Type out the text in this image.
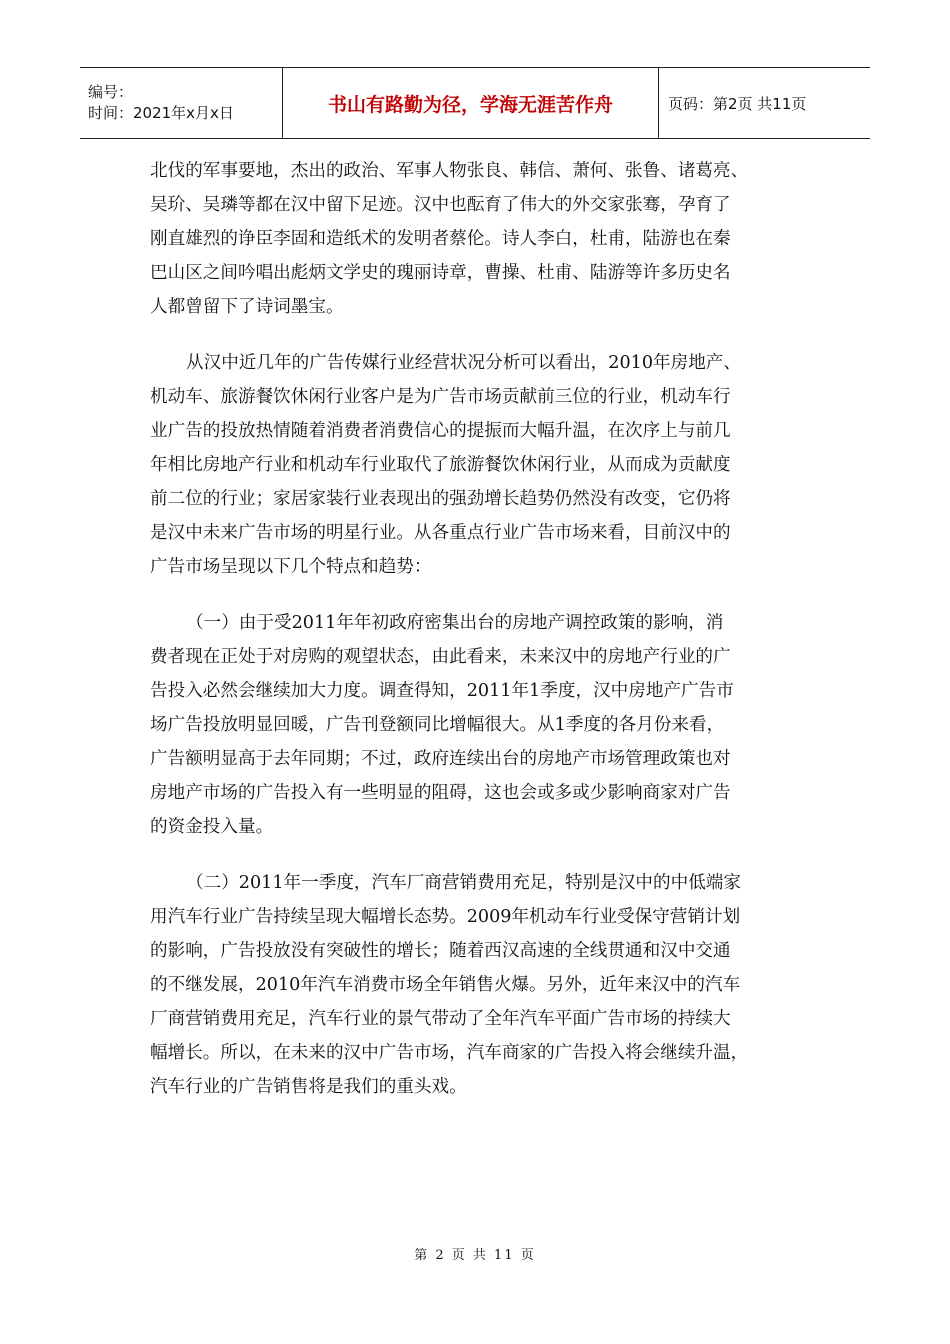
编号：
时间：2021年x月x日	书山有路勤为径，学海无涯苦作舟	页码：第2页 共11页

北伐的军事要地，杰出的政治、军事人物张良、韩信、萧何、张鲁、诸葛亮、
吴玠、吴璘等都在汉中留下足迹。汉中也酝育了伟大的外交家张骞，孕育了
刚直雄烈的诤臣李固和造纸术的发明者蔡伦。诗人李白，杜甫，陆游也在秦
巴山区之间吟唱出彪炳文学史的瑰丽诗章，曹操、杜甫、陆游等许多历史名
人都曾留下了诗词墨宝。

从汉中近几年的广告传媒行业经营状况分析可以看出，2010年房地产、
机动车、旅游餐饮休闲行业客户是为广告市场贡献前三位的行业，机动车行
业广告的投放热情随着消费者消费信心的提振而大幅升温，在次序上与前几
年相比房地产行业和机动车行业取代了旅游餐饮休闲行业，从而成为贡献度
前二位的行业；家居家装行业表现出的强劲增长趋势仍然没有改变，它仍将
是汉中未来广告市场的明星行业。从各重点行业广告市场来看，目前汉中的
广告市场呈现以下几个特点和趋势：

（一）由于受2011年年初政府密集出台的房地产调控政策的影响，消
费者现在正处于对房购的观望状态，由此看来，未来汉中的房地产行业的广
告投入必然会继续加大力度。调查得知，2011年1季度，汉中房地产广告市
场广告投放明显回暖，广告刊登额同比增幅很大。从1季度的各月份来看，
广告额明显高于去年同期；不过，政府连续出台的房地产市场管理政策也对
房地产市场的广告投入有一些明显的阻碍，这也会或多或少影响商家对广告
的资金投入量。

（二）2011年一季度，汽车厂商营销费用充足，特别是汉中的中低端家
用汽车行业广告持续呈现大幅增长态势。2009年机动车行业受保守营销计划
的影响，广告投放没有突破性的增长；随着西汉高速的全线贯通和汉中交通
的不继发展，2010年汽车消费市场全年销售火爆。另外，近年来汉中的汽车
厂商营销费用充足，汽车行业的景气带动了全年汽车平面广告市场的持续大
幅增长。所以，在未来的汉中广告市场，汽车商家的广告投入将会继续升温，
汽车行业的广告销售将是我们的重头戏。

第 2 页 共 11 页
